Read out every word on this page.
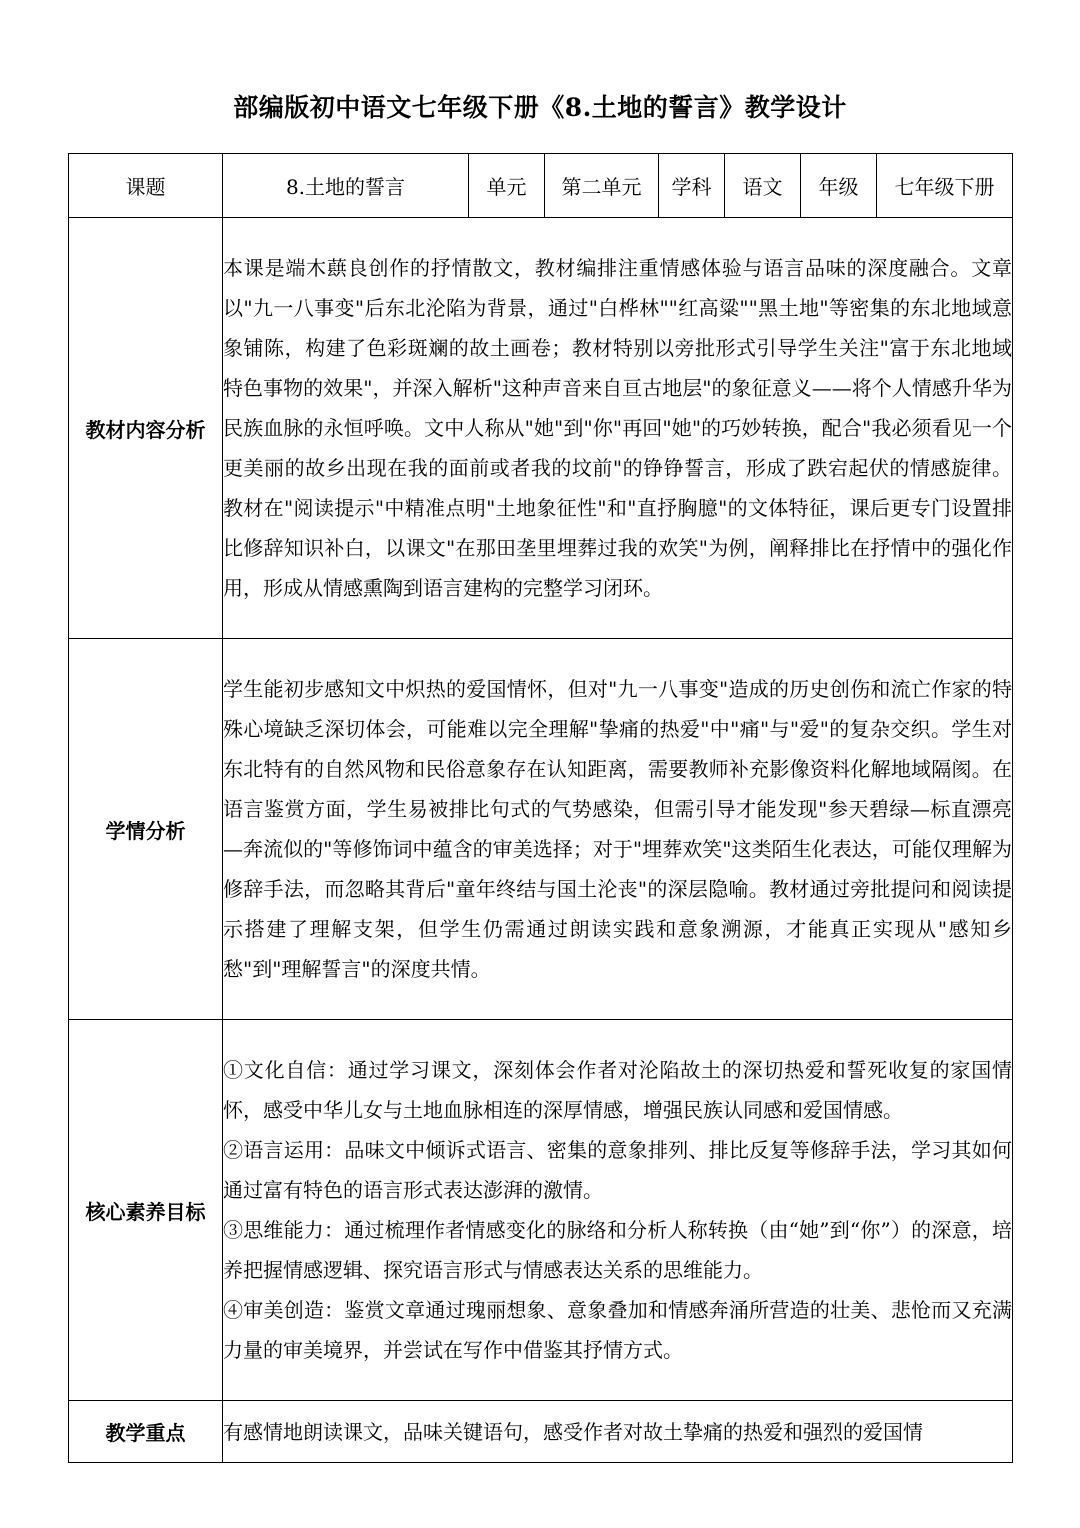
部编版初中语文七年级下册《8.土地的誓言》教学设计
课题	8.土地的誓言	单元	第二单元	学科	语文	年级	七年级下册
教材内容分析	本课是端木蕻良创作的抒情散文，教材编排注重情感体验与语言品味的深度融合。文章以"九一八事变"后东北沦陷为背景，通过"白桦林""红高粱""黑土地"等密集的东北地域意象铺陈，构建了色彩斑斓的故土画卷；教材特别以旁批形式引导学生关注"富于东北地域特色事物的效果"，并深入解析"这种声音来自亘古地层"的象征意义——将个人情感升华为民族血脉的永恒呼唤。文中人称从"她"到"你"再回"她"的巧妙转换，配合"我必须看见一个更美丽的故乡出现在我的面前或者我的坟前"的铮铮誓言，形成了跌宕起伏的情感旋律。教材在"阅读提示"中精准点明"土地象征性"和"直抒胸臆"的文体特征，课后更专门设置排比修辞知识补白，以课文"在那田垄里埋葬过我的欢笑"为例，阐释排比在抒情中的强化作用，形成从情感熏陶到语言建构的完整学习闭环。						
学情分析	学生能初步感知文中炽热的爱国情怀，但对"九一八事变"造成的历史创伤和流亡作家的特殊心境缺乏深切体会，可能难以完全理解"挚痛的热爱"中"痛"与"爱"的复杂交织。学生对东北特有的自然风物和民俗意象存在认知距离，需要教师补充影像资料化解地域隔阂。在语言鉴赏方面，学生易被排比句式的气势感染，但需引导才能发现"参天碧绿—标直漂亮—奔流似的"等修饰词中蕴含的审美选择；对于"埋葬欢笑"这类陌生化表达，可能仅理解为修辞手法，而忽略其背后"童年终结与国土沦丧"的深层隐喻。教材通过旁批提问和阅读提示搭建了理解支架，但学生仍需通过朗读实践和意象溯源，才能真正实现从"感知乡愁"到"理解誓言"的深度共情。						
核心素养目标	①文化自信：通过学习课文，深刻体会作者对沦陷故土的深切热爱和誓死收复的家国情怀，感受中华儿女与土地血脉相连的深厚情感，增强民族认同感和爱国情感。
②语言运用：品味文中倾诉式语言、密集的意象排列、排比反复等修辞手法，学习其如何通过富有特色的语言形式表达澎湃的激情。
③思维能力：通过梳理作者情感变化的脉络和分析人称转换（由“她”到“你”）的深意，培养把握情感逻辑、探究语言形式与情感表达关系的思维能力。
④审美创造：鉴赏文章通过瑰丽想象、意象叠加和情感奔涌所营造的壮美、悲怆而又充满力量的审美境界，并尝试在写作中借鉴其抒情方式。						

教学重点	有感情地朗读课文，品味关键语句，感受作者对故土挚痛的热爱和强烈的爱国情						
